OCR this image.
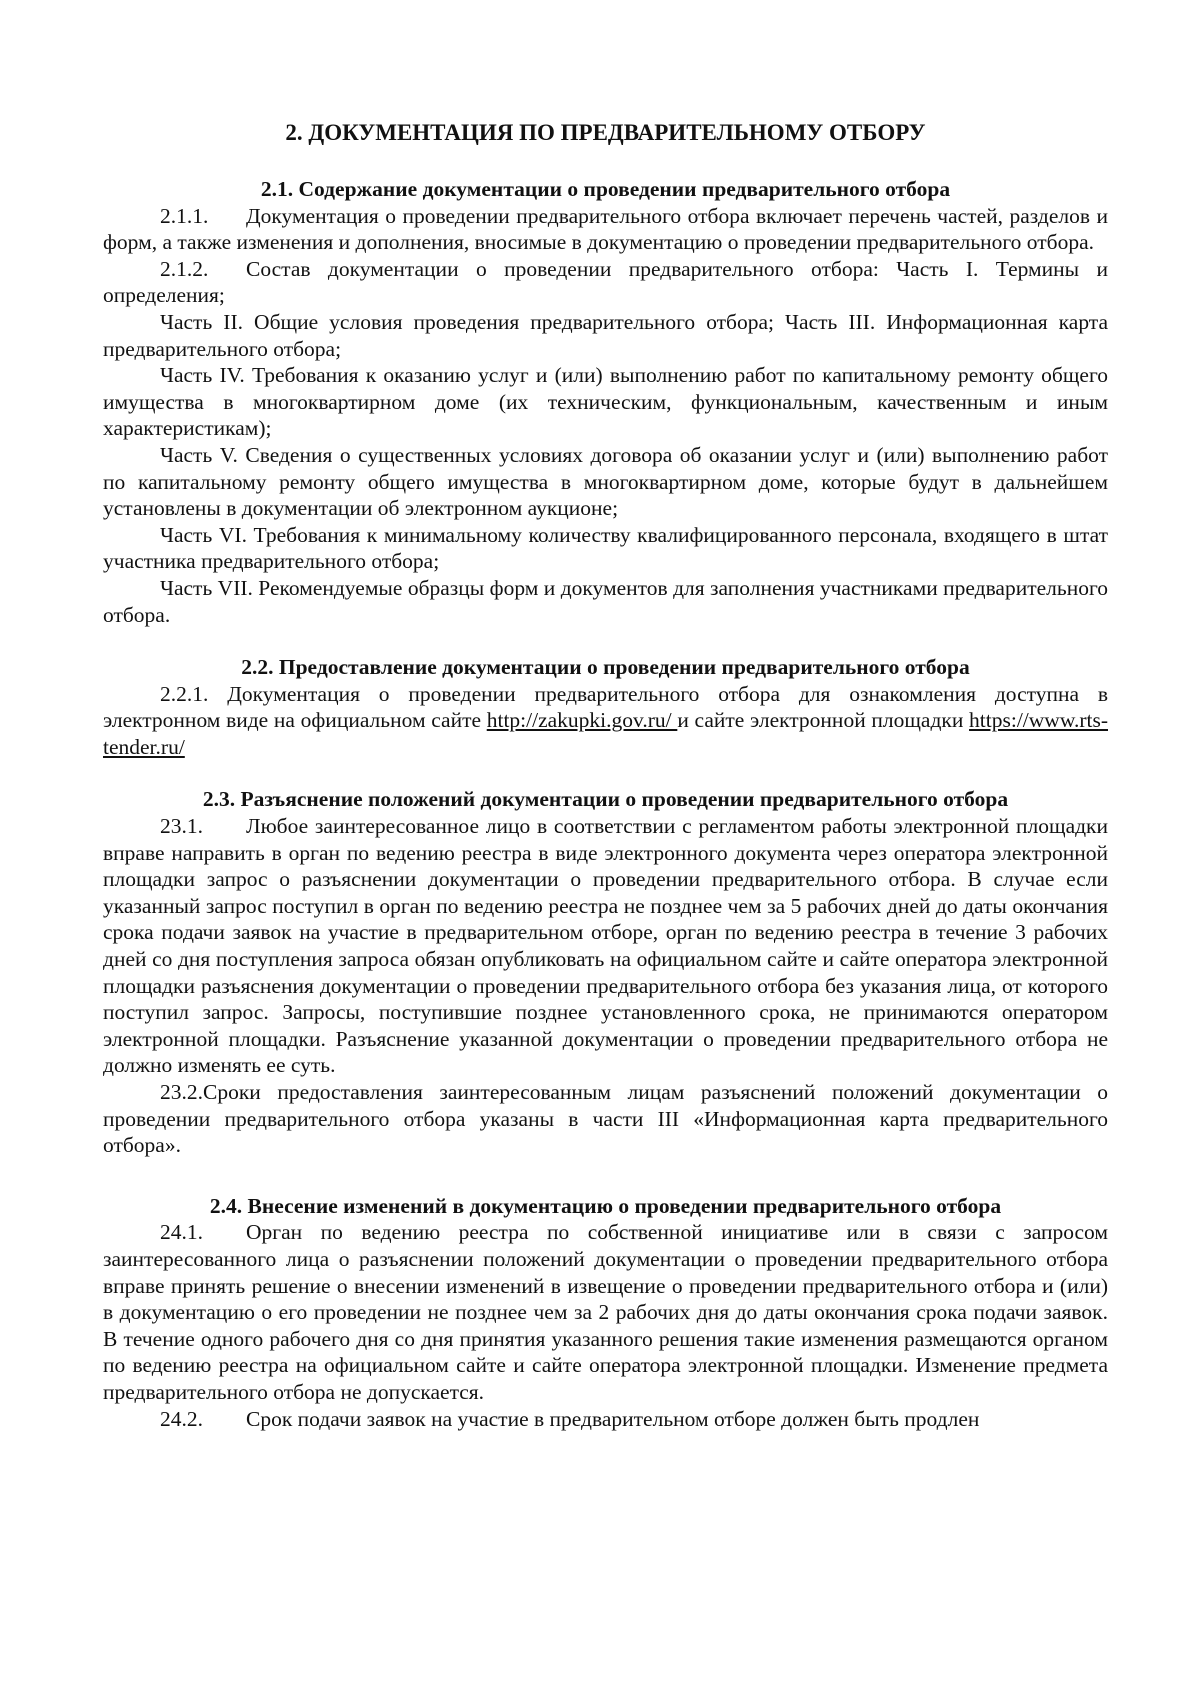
2. ДОКУМЕНТАЦИЯ ПО ПРЕДВАРИТЕЛЬНОМУ ОТБОРУ

2.1. Содержание документации о проведении предварительного отбора

2.1.1. Документация о проведении предварительного отбора включает перечень частей, разделов и форм, а также изменения и дополнения, вносимые в документацию о проведении предварительного отбора.

2.1.2. Состав документации о проведении предварительного отбора: Часть I. Термины и определения;

Часть II. Общие условия проведения предварительного отбора; Часть III. Информационная карта предварительного отбора;

Часть IV. Требования к оказанию услуг и (или) выполнению работ по капитальному ремонту общего имущества в многоквартирном доме (их техническим, функциональным, качественным и иным характеристикам);

Часть V. Сведения о существенных условиях договора об оказании услуг и (или) выполнению работ по капитальному ремонту общего имущества в многоквартирном доме, которые будут в дальнейшем установлены в документации об электронном аукционе;

Часть VI. Требования к минимальному количеству квалифицированного персонала, входящего в штат участника предварительного отбора;

Часть VII. Рекомендуемые образцы форм и документов для заполнения участниками предварительного отбора.

2.2. Предоставление документации о проведении предварительного отбора

2.2.1. Документация о проведении предварительного отбора для ознакомления доступна в электронном виде на официальном сайте http://zakupki.gov.ru/ и сайте электронной площадки https://www.rts-tender.ru/

2.3. Разъяснение положений документации о проведении предварительного отбора

23.1. Любое заинтересованное лицо в соответствии с регламентом работы электронной площадки вправе направить в орган по ведению реестра в виде электронного документа через оператора электронной площадки запрос о разъяснении документации о проведении предварительного отбора. В случае если указанный запрос поступил в орган по ведению реестра не позднее чем за 5 рабочих дней до даты окончания срока подачи заявок на участие в предварительном отборе, орган по ведению реестра в течение 3 рабочих дней со дня поступления запроса обязан опубликовать на официальном сайте и сайте оператора электронной площадки разъяснения документации о проведении предварительного отбора без указания лица, от которого поступил запрос. Запросы, поступившие позднее установленного срока, не принимаются оператором электронной площадки. Разъяснение указанной документации о проведении предварительного отбора не должно изменять ее суть.

23.2.Сроки предоставления заинтересованным лицам разъяснений положений документации о проведении предварительного отбора указаны в части III «Информационная карта предварительного отбора».

2.4. Внесение изменений в документацию о проведении предварительного отбора

24.1. Орган по ведению реестра по собственной инициативе или в связи с запросом заинтересованного лица о разъяснении положений документации о проведении предварительного отбора вправе принять решение о внесении изменений в извещение о проведении предварительного отбора и (или) в документацию о его проведении не позднее чем за 2 рабочих дня до даты окончания срока подачи заявок. В течение одного рабочего дня со дня принятия указанного решения такие изменения размещаются органом по ведению реестра на официальном сайте и сайте оператора электронной площадки. Изменение предмета предварительного отбора не допускается.

24.2. Срок подачи заявок на участие в предварительном отборе должен быть продлен
